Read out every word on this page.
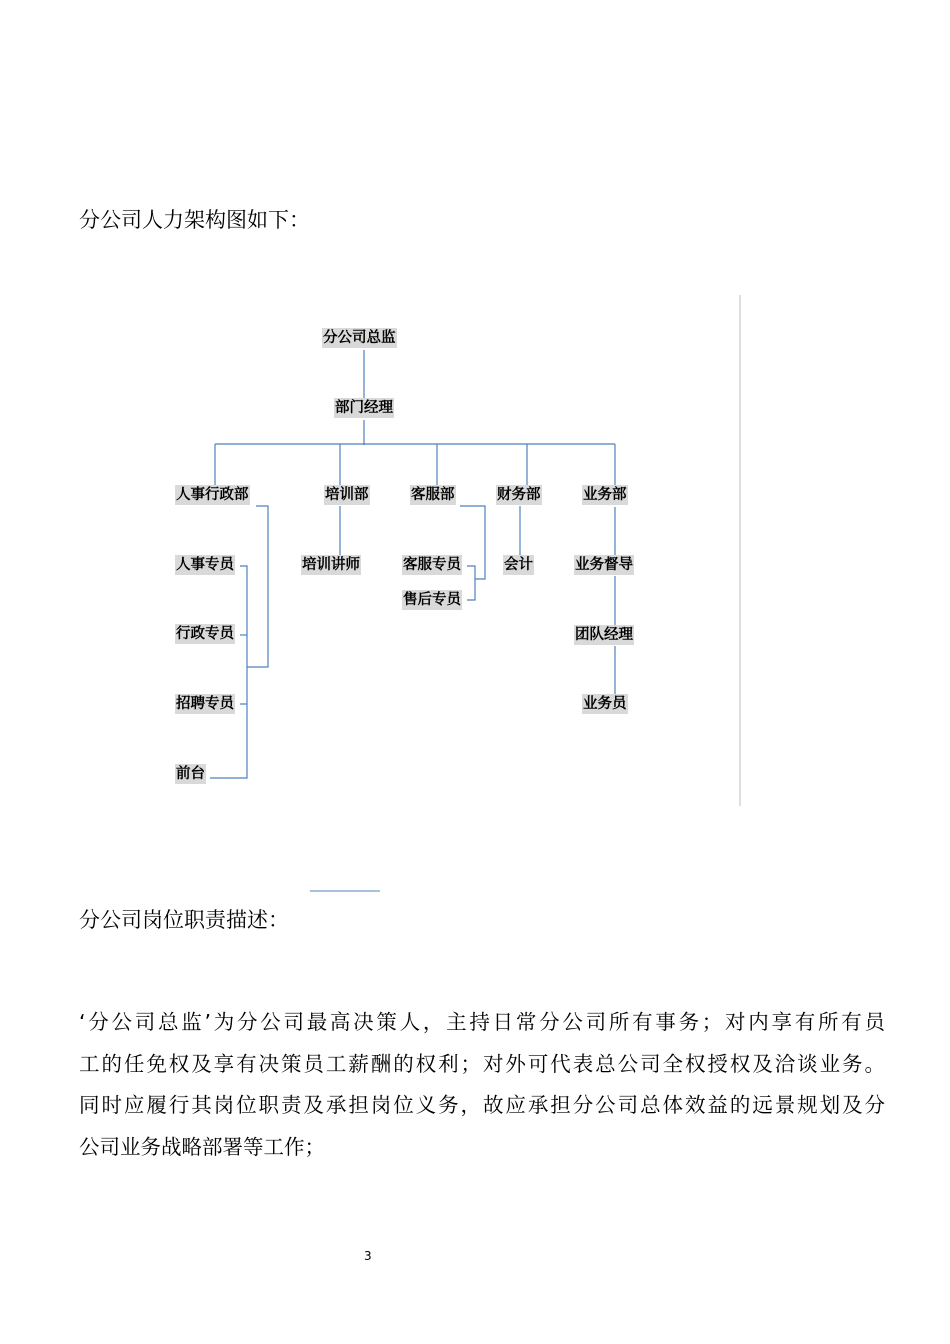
分公司人力架构图如下：
分公司总监
部门经理
人事行政部	培训部	客服部	财务部	业务部
人事专员
行政专员
招聘专员
前台
培训讲师	客服专员
售后专员
会计	业务督导
团队经理
业务员
分公司岗位职责描述：
‘分公司总监’为分公司最高决策人，主持日常分公司所有事务；对内享有所有员
工的任免权及享有决策员工薪酬的权利；对外可代表总公司全权授权及洽谈业务。
同时应履行其岗位职责及承担岗位义务，故应承担分公司总体效益的远景规划及分
公司业务战略部署等工作；
3
